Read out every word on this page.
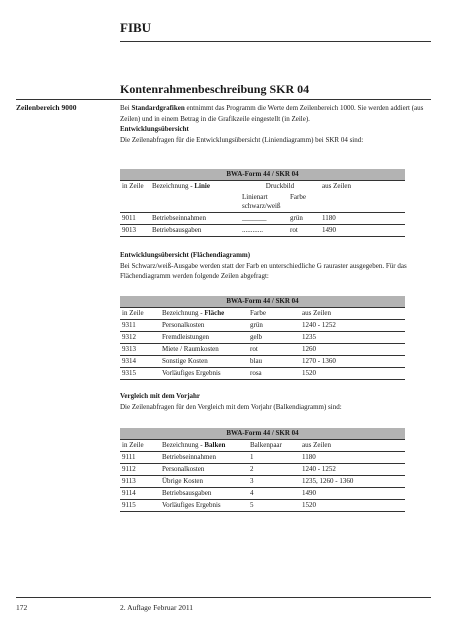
FIBU
Kontenrahmenbeschreibung SKR 04
Zeilenbereich 9000	Bei Standardgrafiken entnimmt das Programm die Werte dem Zeilenbereich 1000. Sie werden addiert (aus Zeilen) und in einem Betrag in die Grafikzeile eingestellt (in Zeile).

Entwicklungsübersicht

Die Zeilenabfragen für die Entwicklungsübersicht (Liniendiagramm) bei SKR 04 sind:

BWA-Form 44 / SKR 04				
in Zeile	Bezeichnung - Linie	Druckbild		aus Zeilen
		Linienart schwarz/weiß	Farbe	
9011	Betriebseinnahmen	_______	grün	1180
9013	Betriebsausgaben	............	rot	1490

Entwicklungsübersicht (Flächendiagramm)

Bei Schwarz/weiß-Ausgabe werden statt der Farb en unterschiedliche G rauraster ausgegeben. Für das Flächendiagramm werden folgende Zeilen abgefragt:

BWA-Form 44 / SKR 04			
in Zeile	Bezeichnung - Fläche	Farbe	aus Zeilen
9311	Personalkosten	grün	1240 - 1252
9312	Fremdleistungen	gelb	1235
9313	Miete / Raumkosten	rot	1260
9314	Sonstige Kosten	blau	1270 - 1360
9315	Vorläufiges Ergebnis	rosa	1520

Vergleich mit dem Vorjahr

Die Zeilenabfragen für den Vergleich mit dem Vorjahr (Balkendiagramm) sind:

BWA-Form 44 / SKR 04			
in Zeile	Bezeichnung - Balken	Balkenpaar	aus Zeilen
9111	Betriebseinnahmen	1	1180
9112	Personalkosten	2	1240 - 1252
9113	Übrige Kosten	3	1235, 1260 - 1360
9114	Betriebsausgaben	4	1490
9115	Vorläufiges Ergebnis	5	1520
172	2. Auflage Februar 2011
